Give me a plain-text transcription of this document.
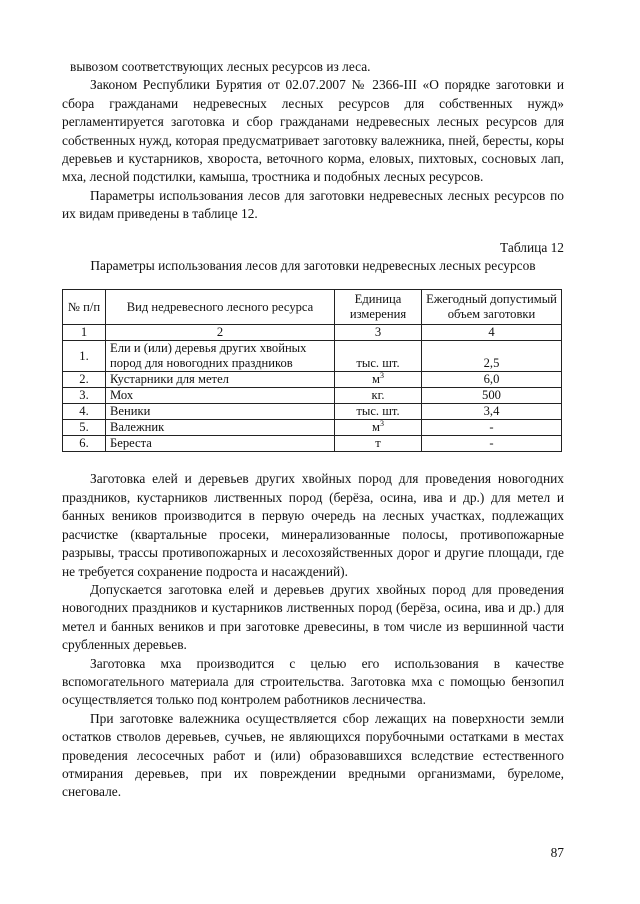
вывозом соответствующих лесных ресурсов из леса.

Законом Республики Бурятия от 02.07.2007 № 2366-III «О порядке заготовки и сбора гражданами недревесных лесных ресурсов для собственных нужд» регламентируется заготовка и сбор гражданами недревесных лесных ресурсов для собственных нужд, которая предусматривает заготовку валежника, пней, бересты, коры деревьев и кустарников, хвороста, веточного корма, еловых, пихтовых, сосновых лап, мха, лесной подстилки, камыша, тростника и подобных лесных ресурсов.

Параметры использования лесов для заготовки недревесных лесных ресурсов по их видам приведены в таблице 12.

Таблица 12
Параметры использования лесов для заготовки недревесных лесных ресурсов
№ п/п	Вид недревесного лесного ресурса	Единица измерения	Ежегодный допустимый объем заготовки
1	2	3	4
1.	Ели и (или) деревья других хвойных пород для новогодних праздников	тыс. шт.	2,5
2.	Кустарники для метел	$м^3$	6,0
3.	Мох	кг.	500
4.	Веники	тыс. шт.	3,4
5.	Валежник	$м^3$	-
6.	Береста	т	-

Заготовка елей и деревьев других хвойных пород для проведения новогодних праздников, кустарников лиственных пород (берёза, осина, ива и др.) для метел и банных веников производится в первую очередь на лесных участках, подлежащих расчистке (квартальные просеки, минерализованные полосы, противопожарные разрывы, трассы противопожарных и лесохозяйственных дорог и другие площади, где не требуется сохранение подроста и насаждений).

Допускается заготовка елей и деревьев других хвойных пород для проведения новогодних праздников и кустарников лиственных пород (берёза, осина, ива и др.) для метел и банных веников и при заготовке древесины, в том числе из вершинной части срубленных деревьев.

Заготовка мха производится с целью его использования в качестве вспомогательного материала для строительства. Заготовка мха с помощью бензопил осуществляется только под контролем работников лесничества.

При заготовке валежника осуществляется сбор лежащих на поверхности земли остатков стволов деревьев, сучьев, не являющихся порубочными остатками в местах проведения лесосечных работ и (или) образовавшихся вследствие естественного отмирания деревьев, при их повреждении вредными организмами, буреломе, снеговале.

87
